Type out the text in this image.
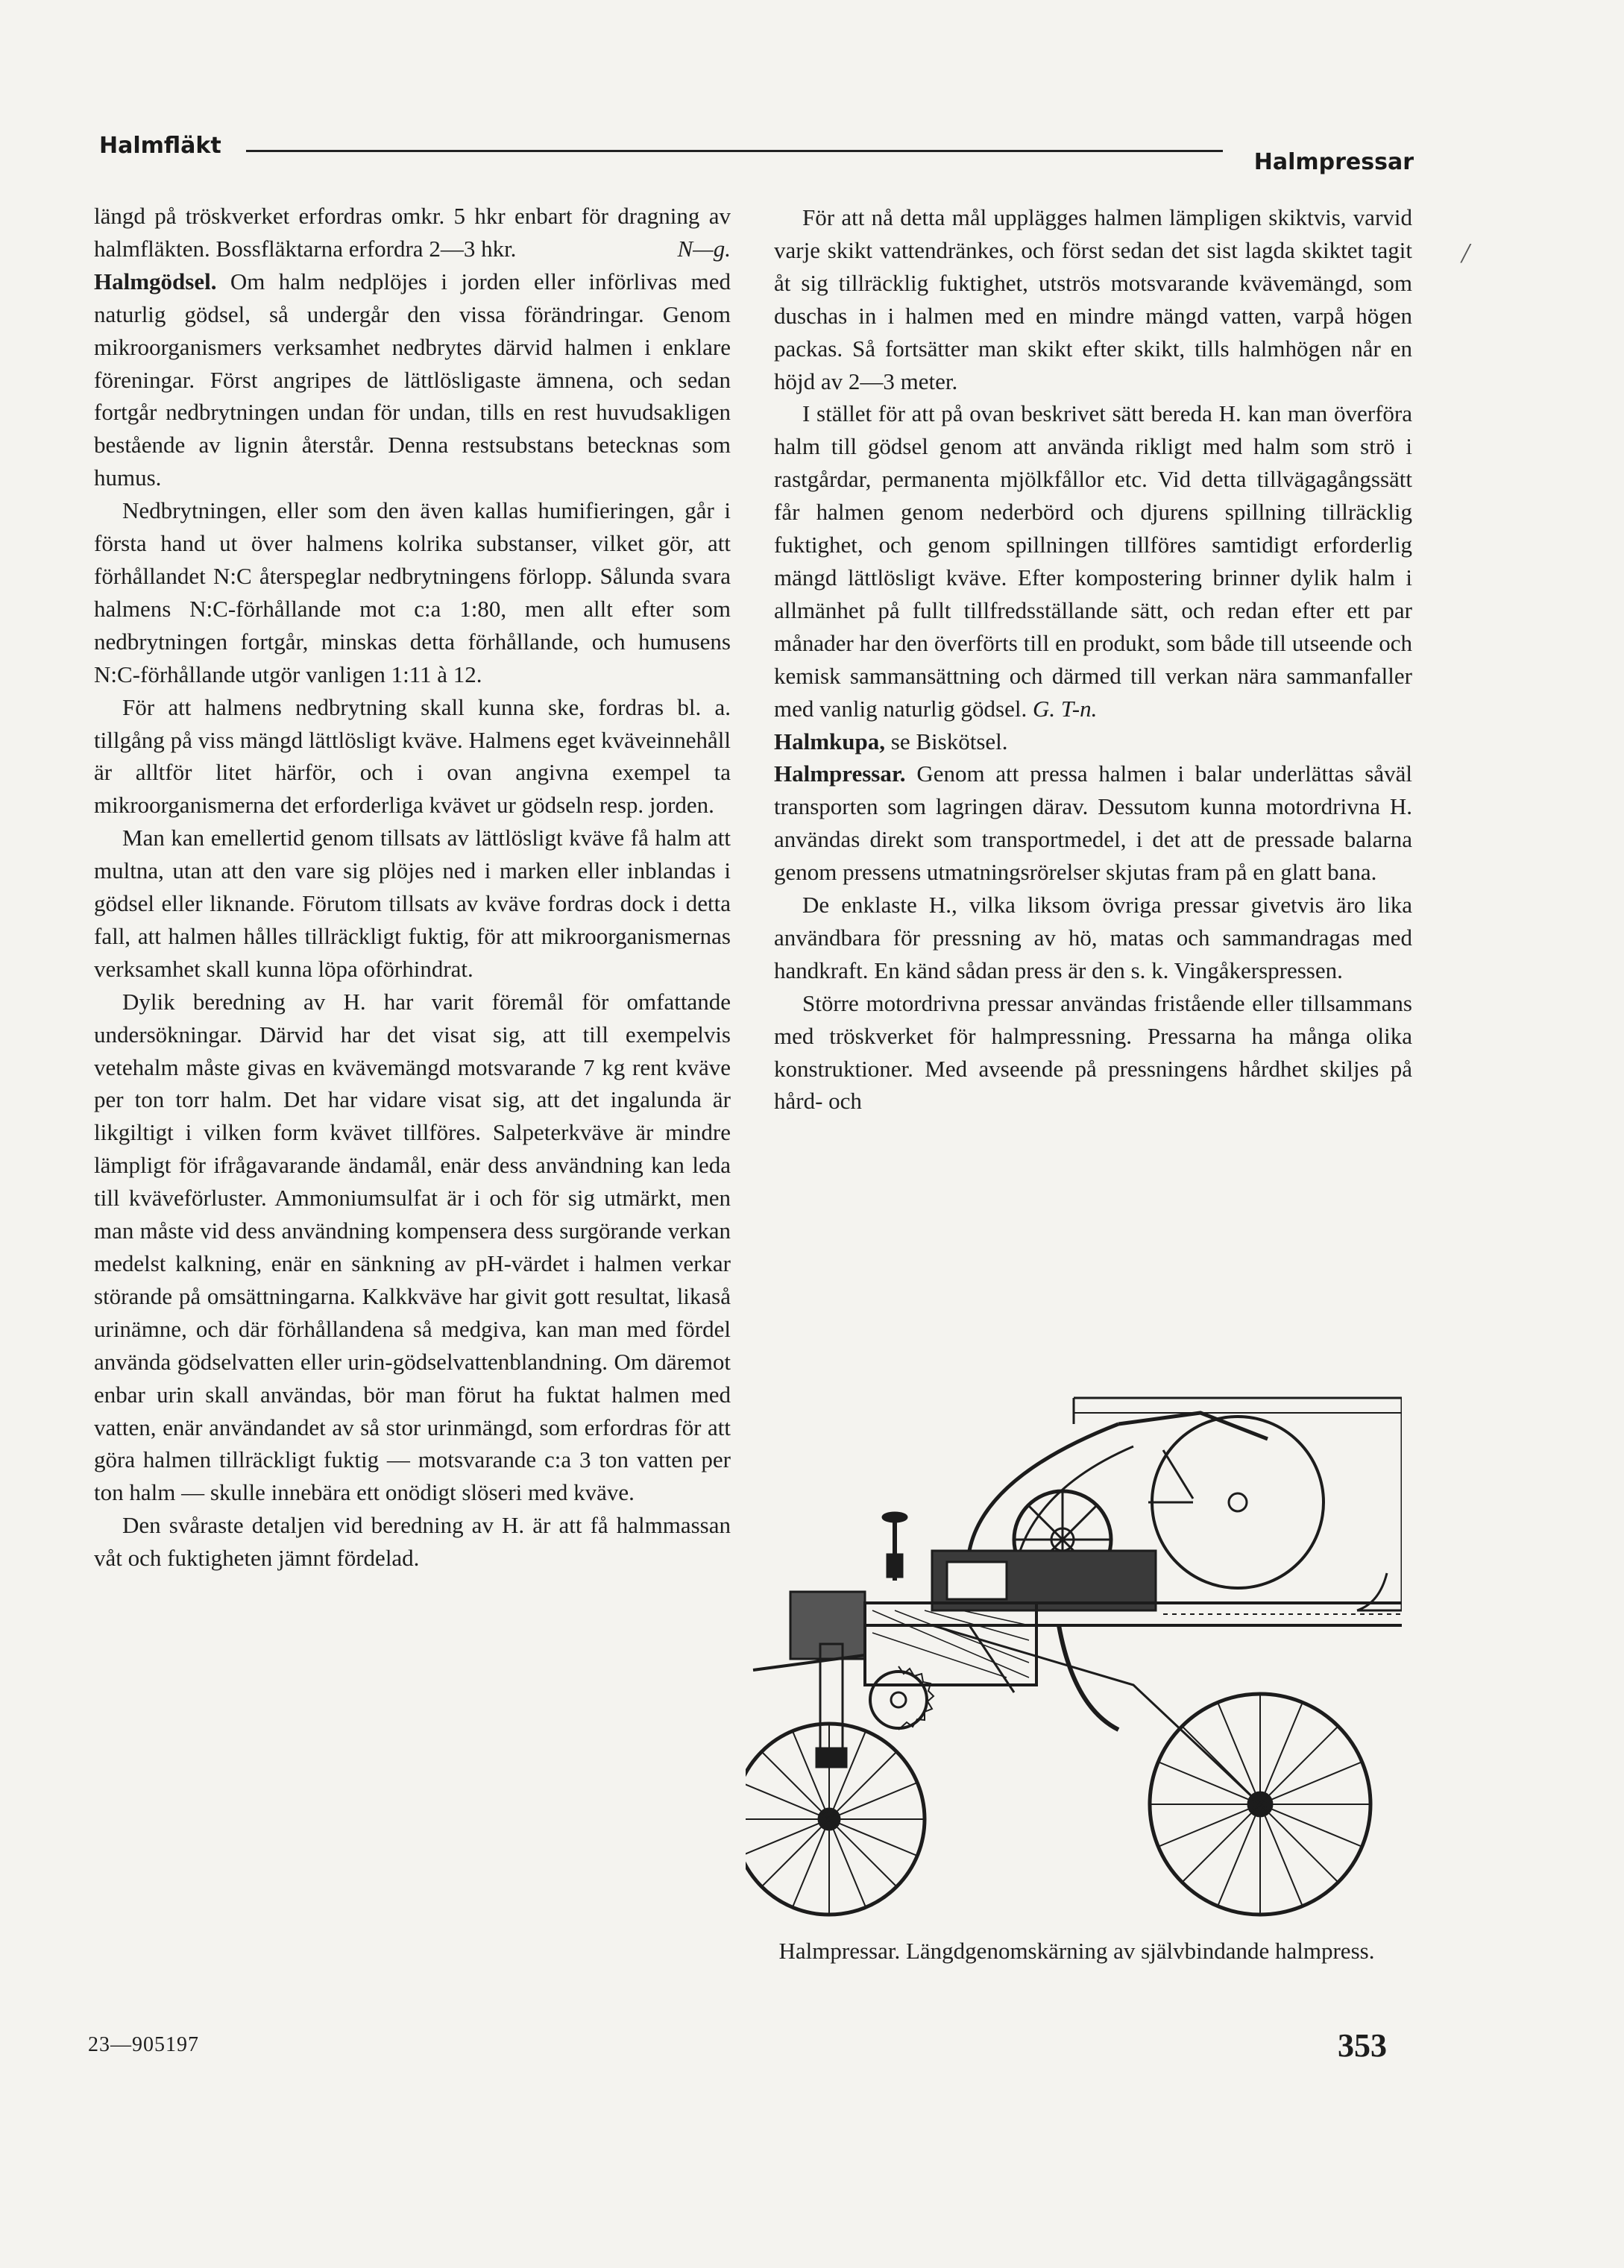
Halmfläkt
Halmpressar

längd på tröskverket erfordras omkr. 5 hkr enbart för dragning av halmfläkten. Bossfläktarna erfordra 2—3 hkr.	N—g.

Halmgödsel. Om halm nedplöjes i jorden eller införlivas med naturlig gödsel, så undergår den vissa förändringar. Genom mikroorganismers verksamhet nedbrytes därvid halmen i enklare föreningar. Först angripes de lättlösligaste ämnena, och sedan fortgår nedbrytningen undan för undan, tills en rest huvudsakligen bestående av lignin återstår. Denna restsubstans betecknas som humus.

Nedbrytningen, eller som den även kallas humifieringen, går i första hand ut över halmens kolrika substanser, vilket gör, att förhållandet N:C återspeglar nedbrytningens förlopp. Sålunda svara halmens N:C-förhållande mot c:a 1:80, men allt efter som nedbrytningen fortgår, minskas detta förhållande, och humusens N:C-förhållande utgör vanligen 1:11 à 12.

För att halmens nedbrytning skall kunna ske, fordras bl. a. tillgång på viss mängd lättlösligt kväve. Halmens eget kväveinnehåll är alltför litet härför, och i ovan angivna exempel ta mikroorganismerna det erforderliga kvävet ur gödseln resp. jorden.

Man kan emellertid genom tillsats av lättlösligt kväve få halm att multna, utan att den vare sig plöjes ned i marken eller inblandas i gödsel eller liknande. Förutom tillsats av kväve fordras dock i detta fall, att halmen hålles tillräckligt fuktig, för att mikroorganismernas verksamhet skall kunna löpa oförhindrat.

Dylik beredning av H. har varit föremål för omfattande undersökningar. Därvid har det visat sig, att till exempelvis vetehalm måste givas en kvävemängd motsvarande 7 kg rent kväve per ton torr halm. Det har vidare visat sig, att det ingalunda är likgiltigt i vilken form kvävet tillföres. Salpeterkväve är mindre lämpligt för ifrågavarande ändamål, enär dess användning kan leda till kväveförluster. Ammoniumsulfat är i och för sig utmärkt, men man måste vid dess användning kompensera dess surgörande verkan medelst kalkning, enär en sänkning av pH-värdet i halmen verkar störande på omsättningarna. Kalkkväve har givit gott resultat, likaså urinämne, och där förhållandena så medgiva, kan man med fördel använda gödselvatten eller urin-gödselvattenblandning. Om däremot enbar urin skall användas, bör man förut ha fuktat halmen med vatten, enär användandet av så stor urinmängd, som erfordras för att göra halmen tillräckligt fuktig — motsvarande c:a 3 ton vatten per ton halm — skulle innebära ett onödigt slöseri med kväve.

Den svåraste detaljen vid beredning av H. är att få halmmassan våt och fuktigheten jämnt fördelad.

För att nå detta mål upplägges halmen lämpligen skiktvis, varvid varje skikt vattendränkes, och först sedan det sist lagda skiktet tagit åt sig tillräcklig fuktighet, utströs motsvarande kvävemängd, som duschas in i halmen med en mindre mängd vatten, varpå högen packas. Så fortsätter man skikt efter skikt, tills halmhögen når en höjd av 2—3 meter.

I stället för att på ovan beskrivet sätt bereda H. kan man överföra halm till gödsel genom att använda rikligt med halm som strö i rastgårdar, permanenta mjölkfållor etc. Vid detta tillvägagångssätt får halmen genom nederbörd och djurens spillning tillräcklig fuktighet, och genom spillningen tillföres samtidigt erforderlig mängd lättlösligt kväve. Efter kompostering brinner dylik halm i allmänhet på fullt tillfredsställande sätt, och redan efter ett par månader har den överförts till en produkt, som både till utseende och kemisk sammansättning och därmed till verkan nära sammanfaller med vanlig naturlig gödsel. G. T-n.

Halmkupa, se Biskötsel.

Halmpressar. Genom att pressa halmen i balar underlättas såväl transporten som lagringen därav. Dessutom kunna motordrivna H. användas direkt som transportmedel, i det att de pressade balarna genom pressens utmatningsrörelser skjutas fram på en glatt bana.

De enklaste H., vilka liksom övriga pressar givetvis äro lika användbara för pressning av hö, matas och sammandragas med handkraft. En känd sådan press är den s. k. Vingåkerspressen.

Större motordrivna pressar användas fristående eller tillsammans med tröskverket för halmpressning. Pressarna ha många olika konstruktioner. Med avseende på pressningens hårdhet skiljes på hård- och

/
Halmpressar. Längdgenomskärning av självbindande halmpress.
23—905197	353
